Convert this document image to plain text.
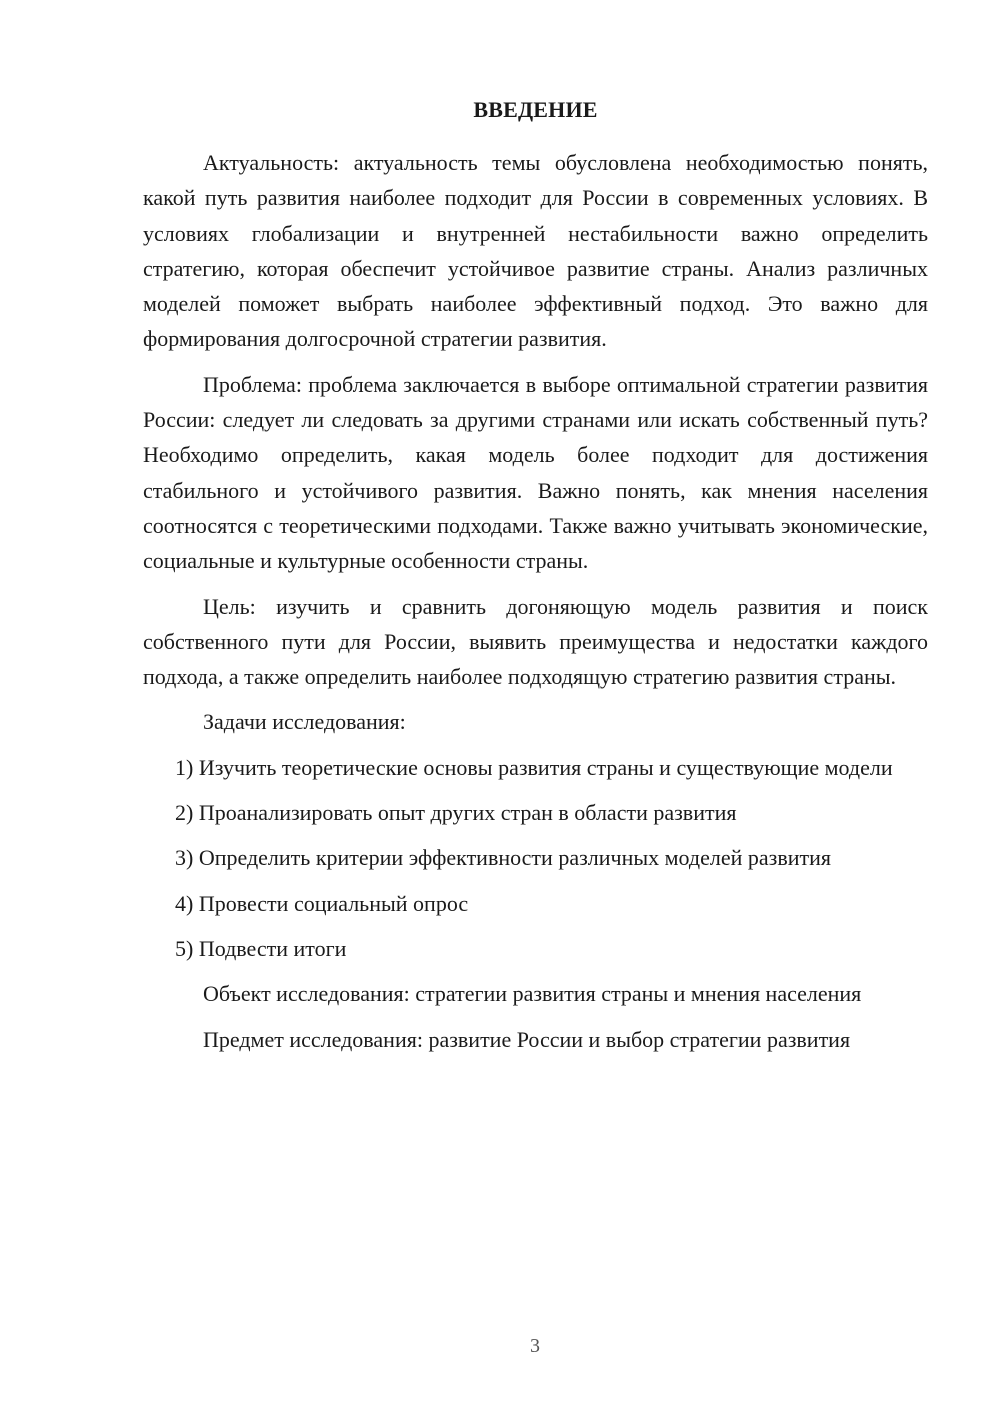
ВВЕДЕНИЕ

Актуальность: актуальность темы обусловлена необходимостью понять, какой путь развития наиболее подходит для России в современных условиях. В условиях глобализации и внутренней нестабильности важно определить стратегию, которая обеспечит устойчивое развитие страны. Анализ различных моделей поможет выбрать наиболее эффективный подход. Это важно для формирования долгосрочной стратегии развития.

Проблема: проблема заключается в выборе оптимальной стратегии развития России: следует ли следовать за другими странами или искать собственный путь? Необходимо определить, какая модель более подходит для достижения стабильного и устойчивого развития. Важно понять, как мнения населения соотносятся с теоретическими подходами. Также важно учитывать экономические, социальные и культурные особенности страны.

Цель: изучить и сравнить догоняющую модель развития и поиск собственного пути для России, выявить преимущества и недостатки каждого подхода, а также определить наиболее подходящую стратегию развития страны.

Задачи исследования:

1) Изучить теоретические основы развития страны и существующие модели

2) Проанализировать опыт других стран в области развития

3) Определить критерии эффективности различных моделей развития

4) Провести социальный опрос

5) Подвести итоги

Объект исследования: стратегии развития страны и мнения населения

Предмет исследования: развитие России и выбор стратегии развития

3
